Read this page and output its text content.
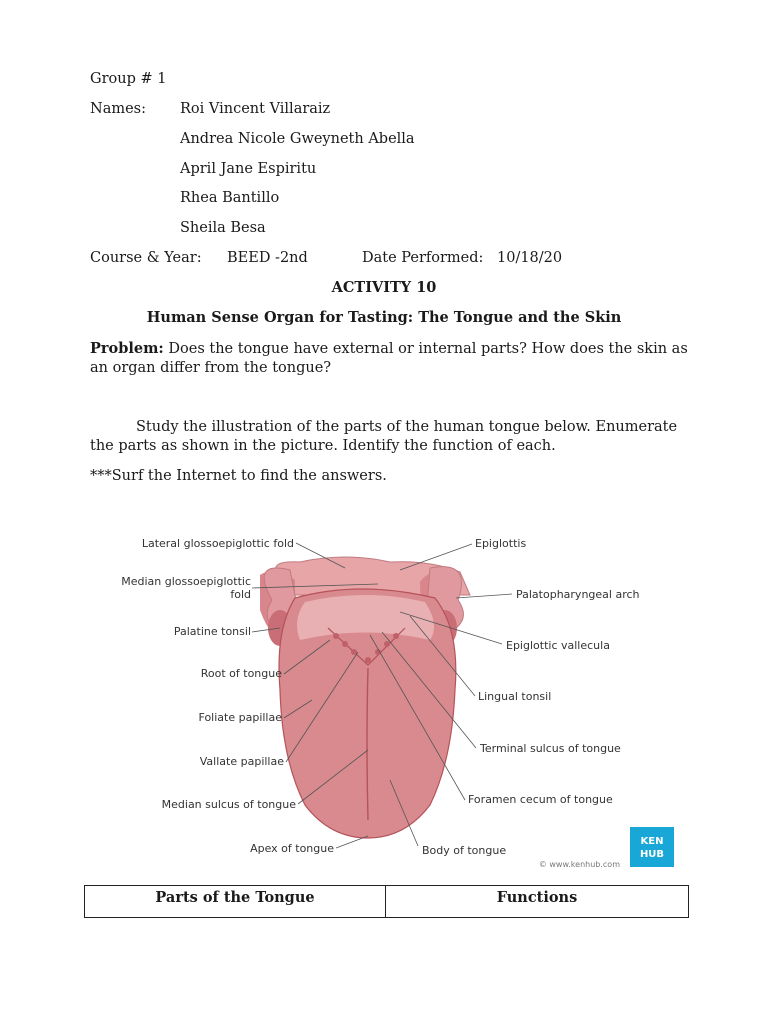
Group # 1
Names: Roi Vincent Villaraiz
Andrea Nicole Gweyneth Abella
April Jane Espiritu
Rhea Bantillo
Sheila Besa
Course & Year: BEED -2nd	Date Performed: 10/18/20
ACTIVITY 10
Human Sense Organ for Tasting: The Tongue and the Skin
Problem: Does the tongue have external or internal parts? How does the skin as an organ differ from the tongue?
Study the illustration of the parts of the human tongue below. Enumerate the parts as shown in the picture. Identify the function of each.
***Surf the Internet to find the answers.
Lateral glossoepiglottic fold
Median glossoepiglottic
fold
Palatine tonsil
Root of tongue
Foliate papillae
Vallate papillae
Median sulcus of tongue
Apex of tongue
Epiglottis
Palatopharyngeal arch
Epiglottic vallecula
Lingual tonsil
Terminal sulcus of tongue
Foramen cecum of tongue
Body of tongue
KEN
HUB
© www.kenhub.com
Parts of the Tongue	Functions
